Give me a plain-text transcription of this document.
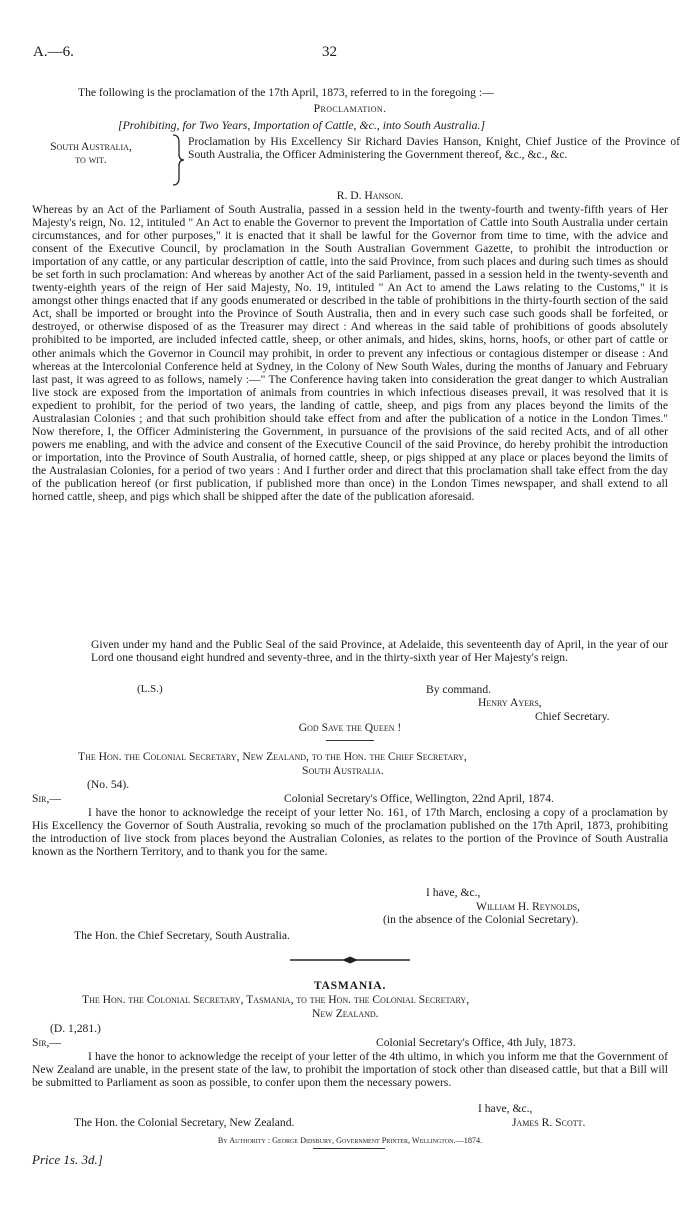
A.—6.	32
The following is the proclamation of the 17th April, 1873, referred to in the foregoing :—
Proclamation.
[Prohibiting, for Two Years, Importation of Cattle, &c., into South Australia.]
South Australia,
to wit.
Proclamation by His Excellency Sir Richard Davies Hanson, Knight, Chief Justice of the Province of South Australia, the Officer Administering the Government thereof, &c., &c., &c.
R. D. Hanson.
Whereas by an Act of the Parliament of South Australia, passed in a session held in the twenty-fourth and twenty-fifth years of Her Majesty's reign, No. 12, intituled " An Act to enable the Governor to prevent the Importation of Cattle into South Australia under certain circumstances, and for other purposes," it is enacted that it shall be lawful for the Governor from time to time, with the advice and consent of the Executive Council, by proclamation in the South Australian Government Gazette, to prohibit the introduction or importation of any cattle, or any particular description of cattle, into the said Province, from such places and during such times as should be set forth in such proclamation: And whereas by another Act of the said Parliament, passed in a session held in the twenty-seventh and twenty-eighth years of the reign of Her said Majesty, No. 19, intituled " An Act to amend the Laws relating to the Customs," it is amongst other things enacted that if any goods enumerated or described in the table of prohibitions in the thirty-fourth section of the said Act, shall be imported or brought into the Province of South Australia, then and in every such case such goods shall be forfeited, or destroyed, or otherwise disposed of as the Treasurer may direct : And whereas in the said table of prohibitions of goods absolutely prohibited to be imported, are included infected cattle, sheep, or other animals, and hides, skins, horns, hoofs, or other part of cattle or other animals which the Governor in Council may prohibit, in order to prevent any infectious or contagious distemper or disease : And whereas at the Intercolonial Conference held at Sydney, in the Colony of New South Wales, during the months of January and February last past, it was agreed to as follows, namely :—" The Conference having taken into consideration the great danger to which Australian live stock are exposed from the importation of animals from countries in which infectious diseases prevail, it was resolved that it is expedient to prohibit, for the period of two years, the landing of cattle, sheep, and pigs from any places beyond the limits of the Australasian Colonies ; and that such prohibition should take effect from and after the publication of a notice in the London Times." Now therefore, I, the Officer Administering the Government, in pursuance of the provisions of the said recited Acts, and of all other powers me enabling, and with the advice and consent of the Executive Council of the said Province, do hereby prohibit the introduction or importation, into the Province of South Australia, of horned cattle, sheep, or pigs shipped at any place or places beyond the limits of the Australasian Colonies, for a period of two years : And I further order and direct that this proclamation shall take effect from the day of the publication hereof (or first publication, if published more than once) in the London Times newspaper, and shall extend to all horned cattle, sheep, and pigs which shall be shipped after the date of the publication aforesaid.
Given under my hand and the Public Seal of the said Province, at Adelaide, this seventeenth day of April, in the year of our Lord one thousand eight hundred and seventy-three, and in the thirty-sixth year of Her Majesty's reign.
(L.S.)	By command.
Henry Ayers,
Chief Secretary.
God Save the Queen !
The Hon. the Colonial Secretary, New Zealand, to the Hon. the Chief Secretary,
South Australia.
(No. 54).
Sir,—	Colonial Secretary's Office, Wellington, 22nd April, 1874.
I have the honor to acknowledge the receipt of your letter No. 161, of 17th March, enclosing a copy of a proclamation by His Excellency the Governor of South Australia, revoking so much of the proclamation published on the 17th April, 1873, prohibiting the introduction of live stock from places beyond the Australian Colonies, as relates to the portion of the Province of South Australia known as the Northern Territory, and to thank you for the same.
I have, &c.,
William H. Reynolds,
(in the absence of the Colonial Secretary).
The Hon. the Chief Secretary, South Australia.
TASMANIA.
The Hon. the Colonial Secretary, Tasmania, to the Hon. the Colonial Secretary,
New Zealand.
(D. 1,281.)
Sir,—	Colonial Secretary's Office, 4th July, 1873.
I have the honor to acknowledge the receipt of your letter of the 4th ultimo, in which you inform me that the Government of New Zealand are unable, in the present state of the law, to prohibit the importation of stock other than diseased cattle, but that a Bill will be submitted to Parliament as soon as possible, to confer upon them the necessary powers.
I have, &c.,
The Hon. the Colonial Secretary, New Zealand.	James R. Scott.
By Authority : George Didsbury, Government Printer, Wellington.—1874.
Price 1s. 3d.]
